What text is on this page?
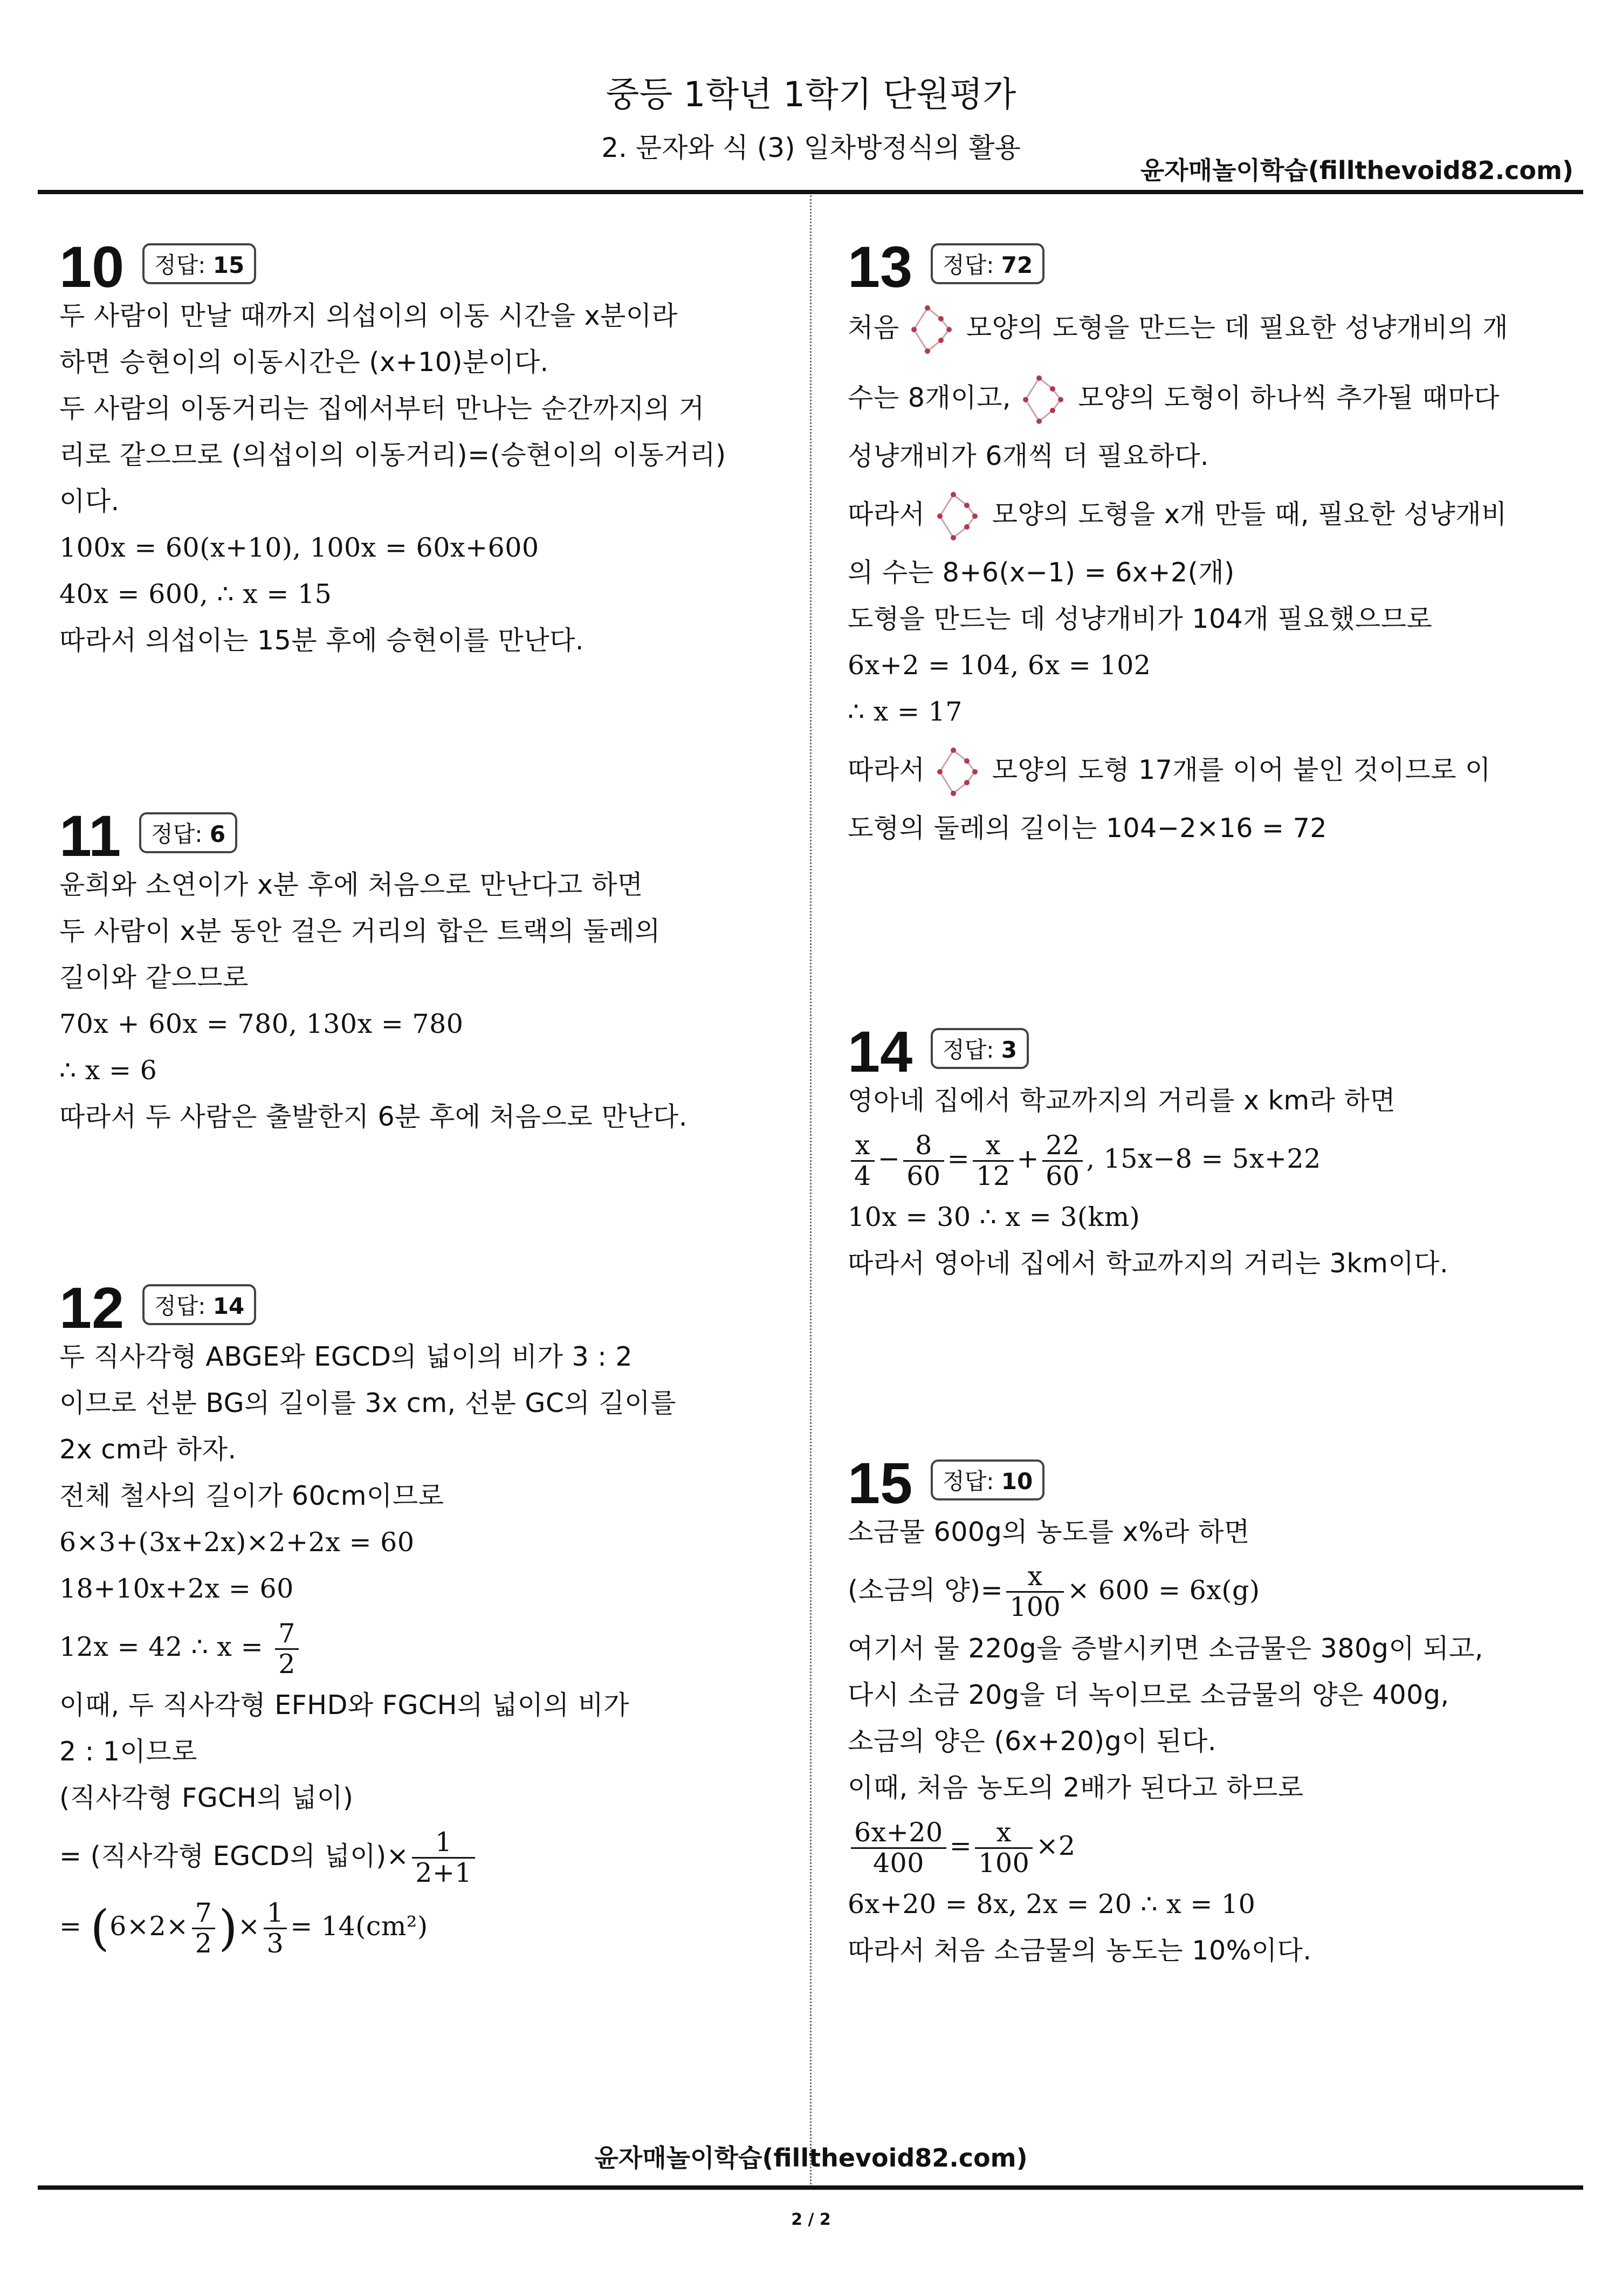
중등 1학년 1학기 단원평가
2. 문자와 식 (3) 일차방정식의 활용
윤자매놀이학습(fillthevoid82.com)
10	정답: 15
두 사람이 만날 때까지 의섭이의 이동 시간을 x분이라
하면 승현이의 이동시간은 (x+10)분이다.
두 사람의 이동거리는 집에서부터 만나는 순간까지의 거
리로 같으므로 (의섭이의 이동거리)=(승현이의 이동거리)
이다.
100x = 60(x+10), 100x = 60x+600
40x = 600, ∴ x = 15
따라서 의섭이는 15분 후에 승현이를 만난다.
11	정답: 6
윤희와 소연이가 x분 후에 처음으로 만난다고 하면
두 사람이 x분 동안 걸은 거리의 합은 트랙의 둘레의
길이와 같으므로
70x + 60x = 780, 130x = 780
∴ x = 6
따라서 두 사람은 출발한지 6분 후에 처음으로 만난다.
12	정답: 14
두 직사각형 ABGE와 EGCD의 넓이의 비가 3 : 2
이므로 선분 BG의 길이를 3x cm, 선분 GC의 길이를
2x cm라 하자.
전체 철사의 길이가 60cm이므로
6×3+(3x+2x)×2+2x = 60
18+10x+2x = 60
12x = 42 ∴ $x = \frac{7}{2}$
이때, 두 직사각형 EFHD와 FGCH의 넓이의 비가
2 : 1이므로
(직사각형 FGCH의 넓이)
= (직사각형 EGCD의 넓이)× $\frac{1}{2+1}$
= ($6\times 2\times \frac{7}{2}$ )× $\frac{1}{3} = 14(cm^2)$
13	정답: 72
처음	모양의 도형을 만드는 데 필요한 성냥개비의 개
수는 8개이고,	모양의 도형이 하나씩 추가될 때마다
성냥개비가 6개씩 더 필요하다.
따라서	모양의 도형을 x개 만들 때, 필요한 성냥개비
의 수는 8+6(x−1) = 6x+2(개)
도형을 만드는 데 성냥개비가 104개 필요했으므로
6x+2 = 104, 6x = 102
∴ x = 17
따라서	모양의 도형 17개를 이어 붙인 것이므로 이
도형의 둘레의 길이는 104−2×16 = 72
14	정답: 3
영아네 집에서 학교까지의 거리를 x km라 하면
$\frac{x}{4} - \frac{8}{60} = \frac{x}{12} + \frac{22}{60}$ , 15x−8 = 5x+22
10x = 30 ∴ x = 3(km)
따라서 영아네 집에서 학교까지의 거리는 3km이다.
15	정답: 10
소금물 600g의 농도를 x%라 하면
(소금의 양)= $\frac{x}{100} \times 600 = 6x(g)$
여기서 물 220g을 증발시키면 소금물은 380g이 되고,
다시 소금 20g을 더 녹이므로 소금물의 양은 400g,
소금의 양은 (6x+20)g이 된다.
이때, 처음 농도의 2배가 된다고 하므로
$\frac{6x+20}{400} = \frac{x}{100} \times 2$
6x+20 = 8x, 2x = 20 ∴ x = 10
따라서 처음 소금물의 농도는 10%이다.
윤자매놀이학습(fillthevoid82.com)
2 / 2
